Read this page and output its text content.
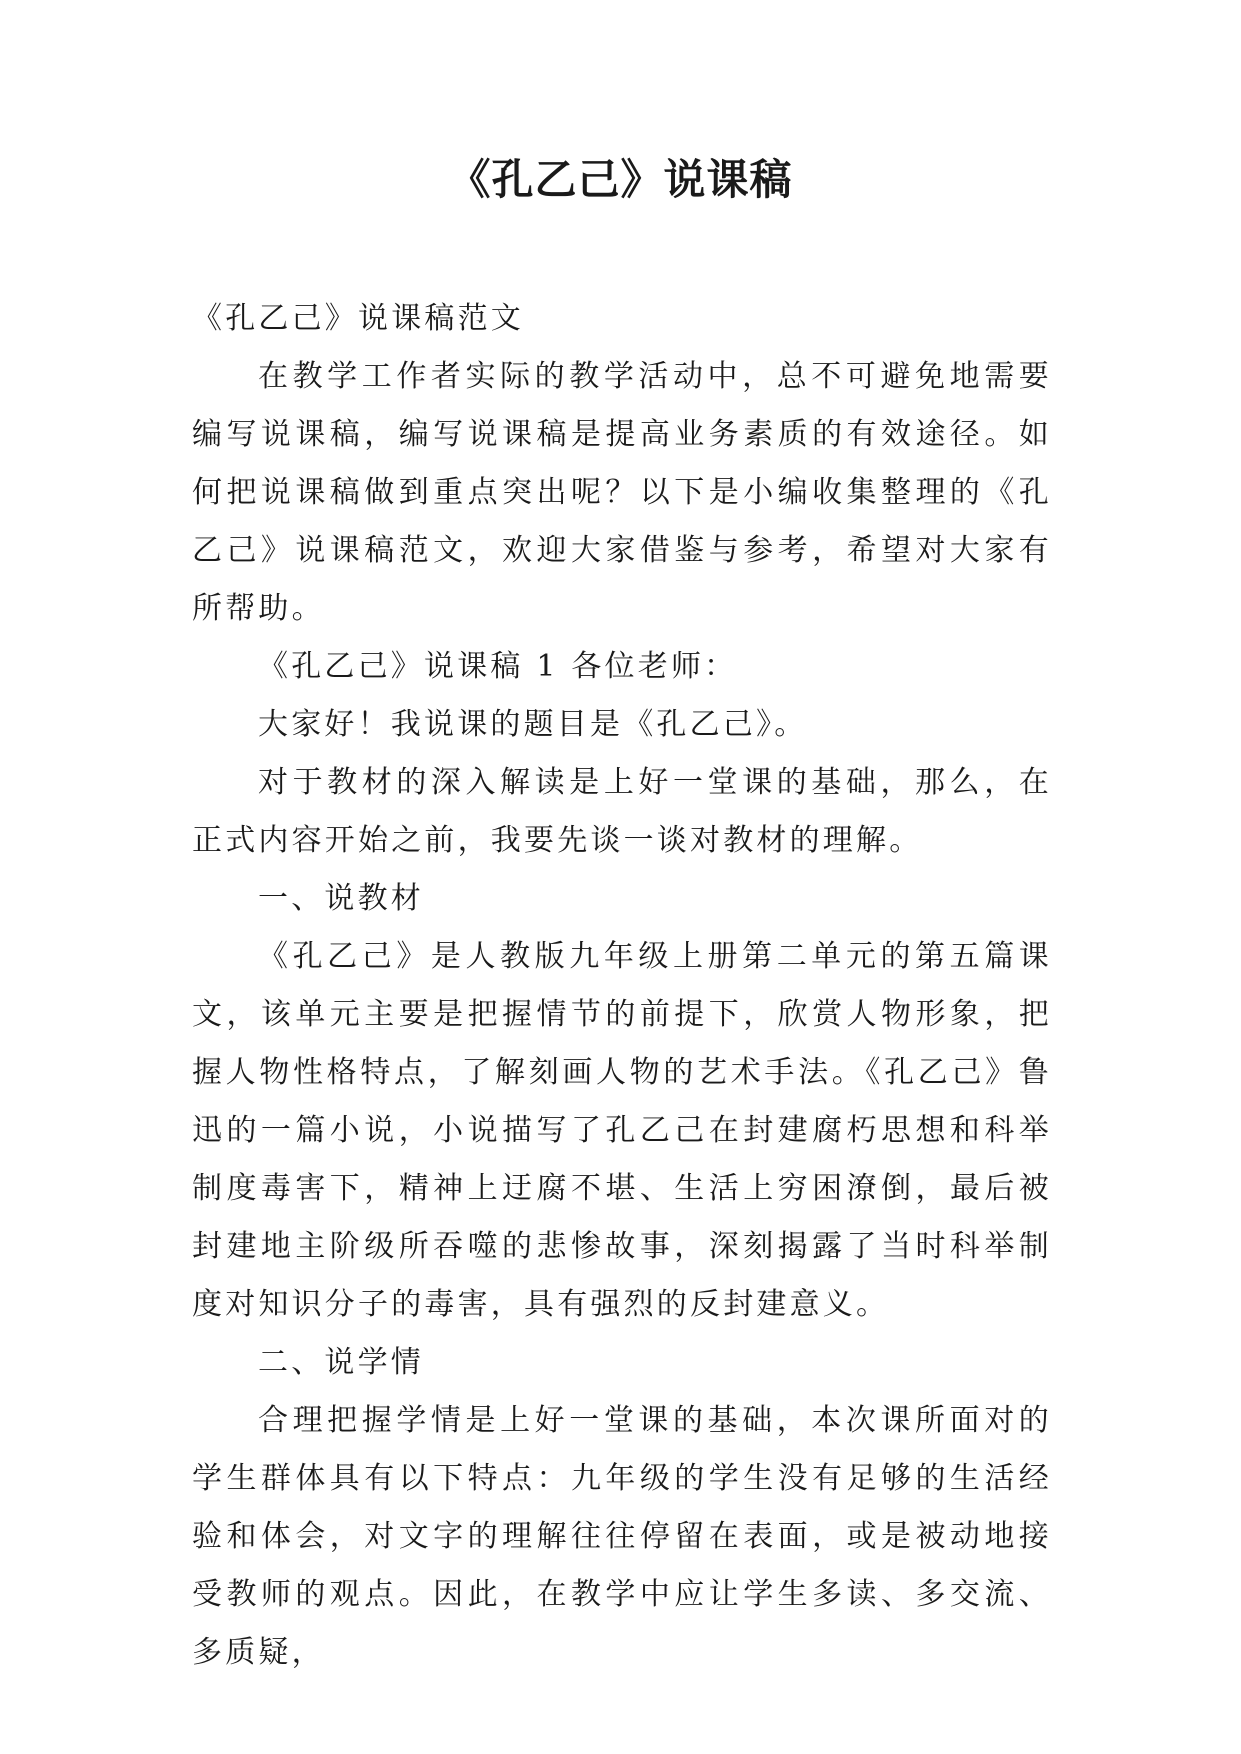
《孔乙己》说课稿

《孔乙己》说课稿范文

在教学工作者实际的教学活动中，总不可避免地需要编写说课稿，编写说课稿是提高业务素质的有效途径。如何把说课稿做到重点突出呢？以下是小编收集整理的《孔乙己》说课稿范文，欢迎大家借鉴与参考，希望对大家有所帮助。

《孔乙己》说课稿 1 各位老师：

大家好！我说课的题目是《孔乙己》。

对于教材的深入解读是上好一堂课的基础，那么，在正式内容开始之前，我要先谈一谈对教材的理解。

一、说教材

《孔乙己》是人教版九年级上册第二单元的第五篇课文，该单元主要是把握情节的前提下，欣赏人物形象，把握人物性格特点，了解刻画人物的艺术手法。《孔乙己》鲁迅的一篇小说，小说描写了孔乙己在封建腐朽思想和科举制度毒害下，精神上迂腐不堪、生活上穷困潦倒，最后被封建地主阶级所吞噬的悲惨故事，深刻揭露了当时科举制度对知识分子的毒害，具有强烈的反封建意义。

二、说学情

合理把握学情是上好一堂课的基础，本次课所面对的学生群体具有以下特点：九年级的学生没有足够的生活经验和体会，对文字的理解往往停留在表面，或是被动地接受教师的观点。因此，在教学中应让学生多读、多交流、多质疑，
